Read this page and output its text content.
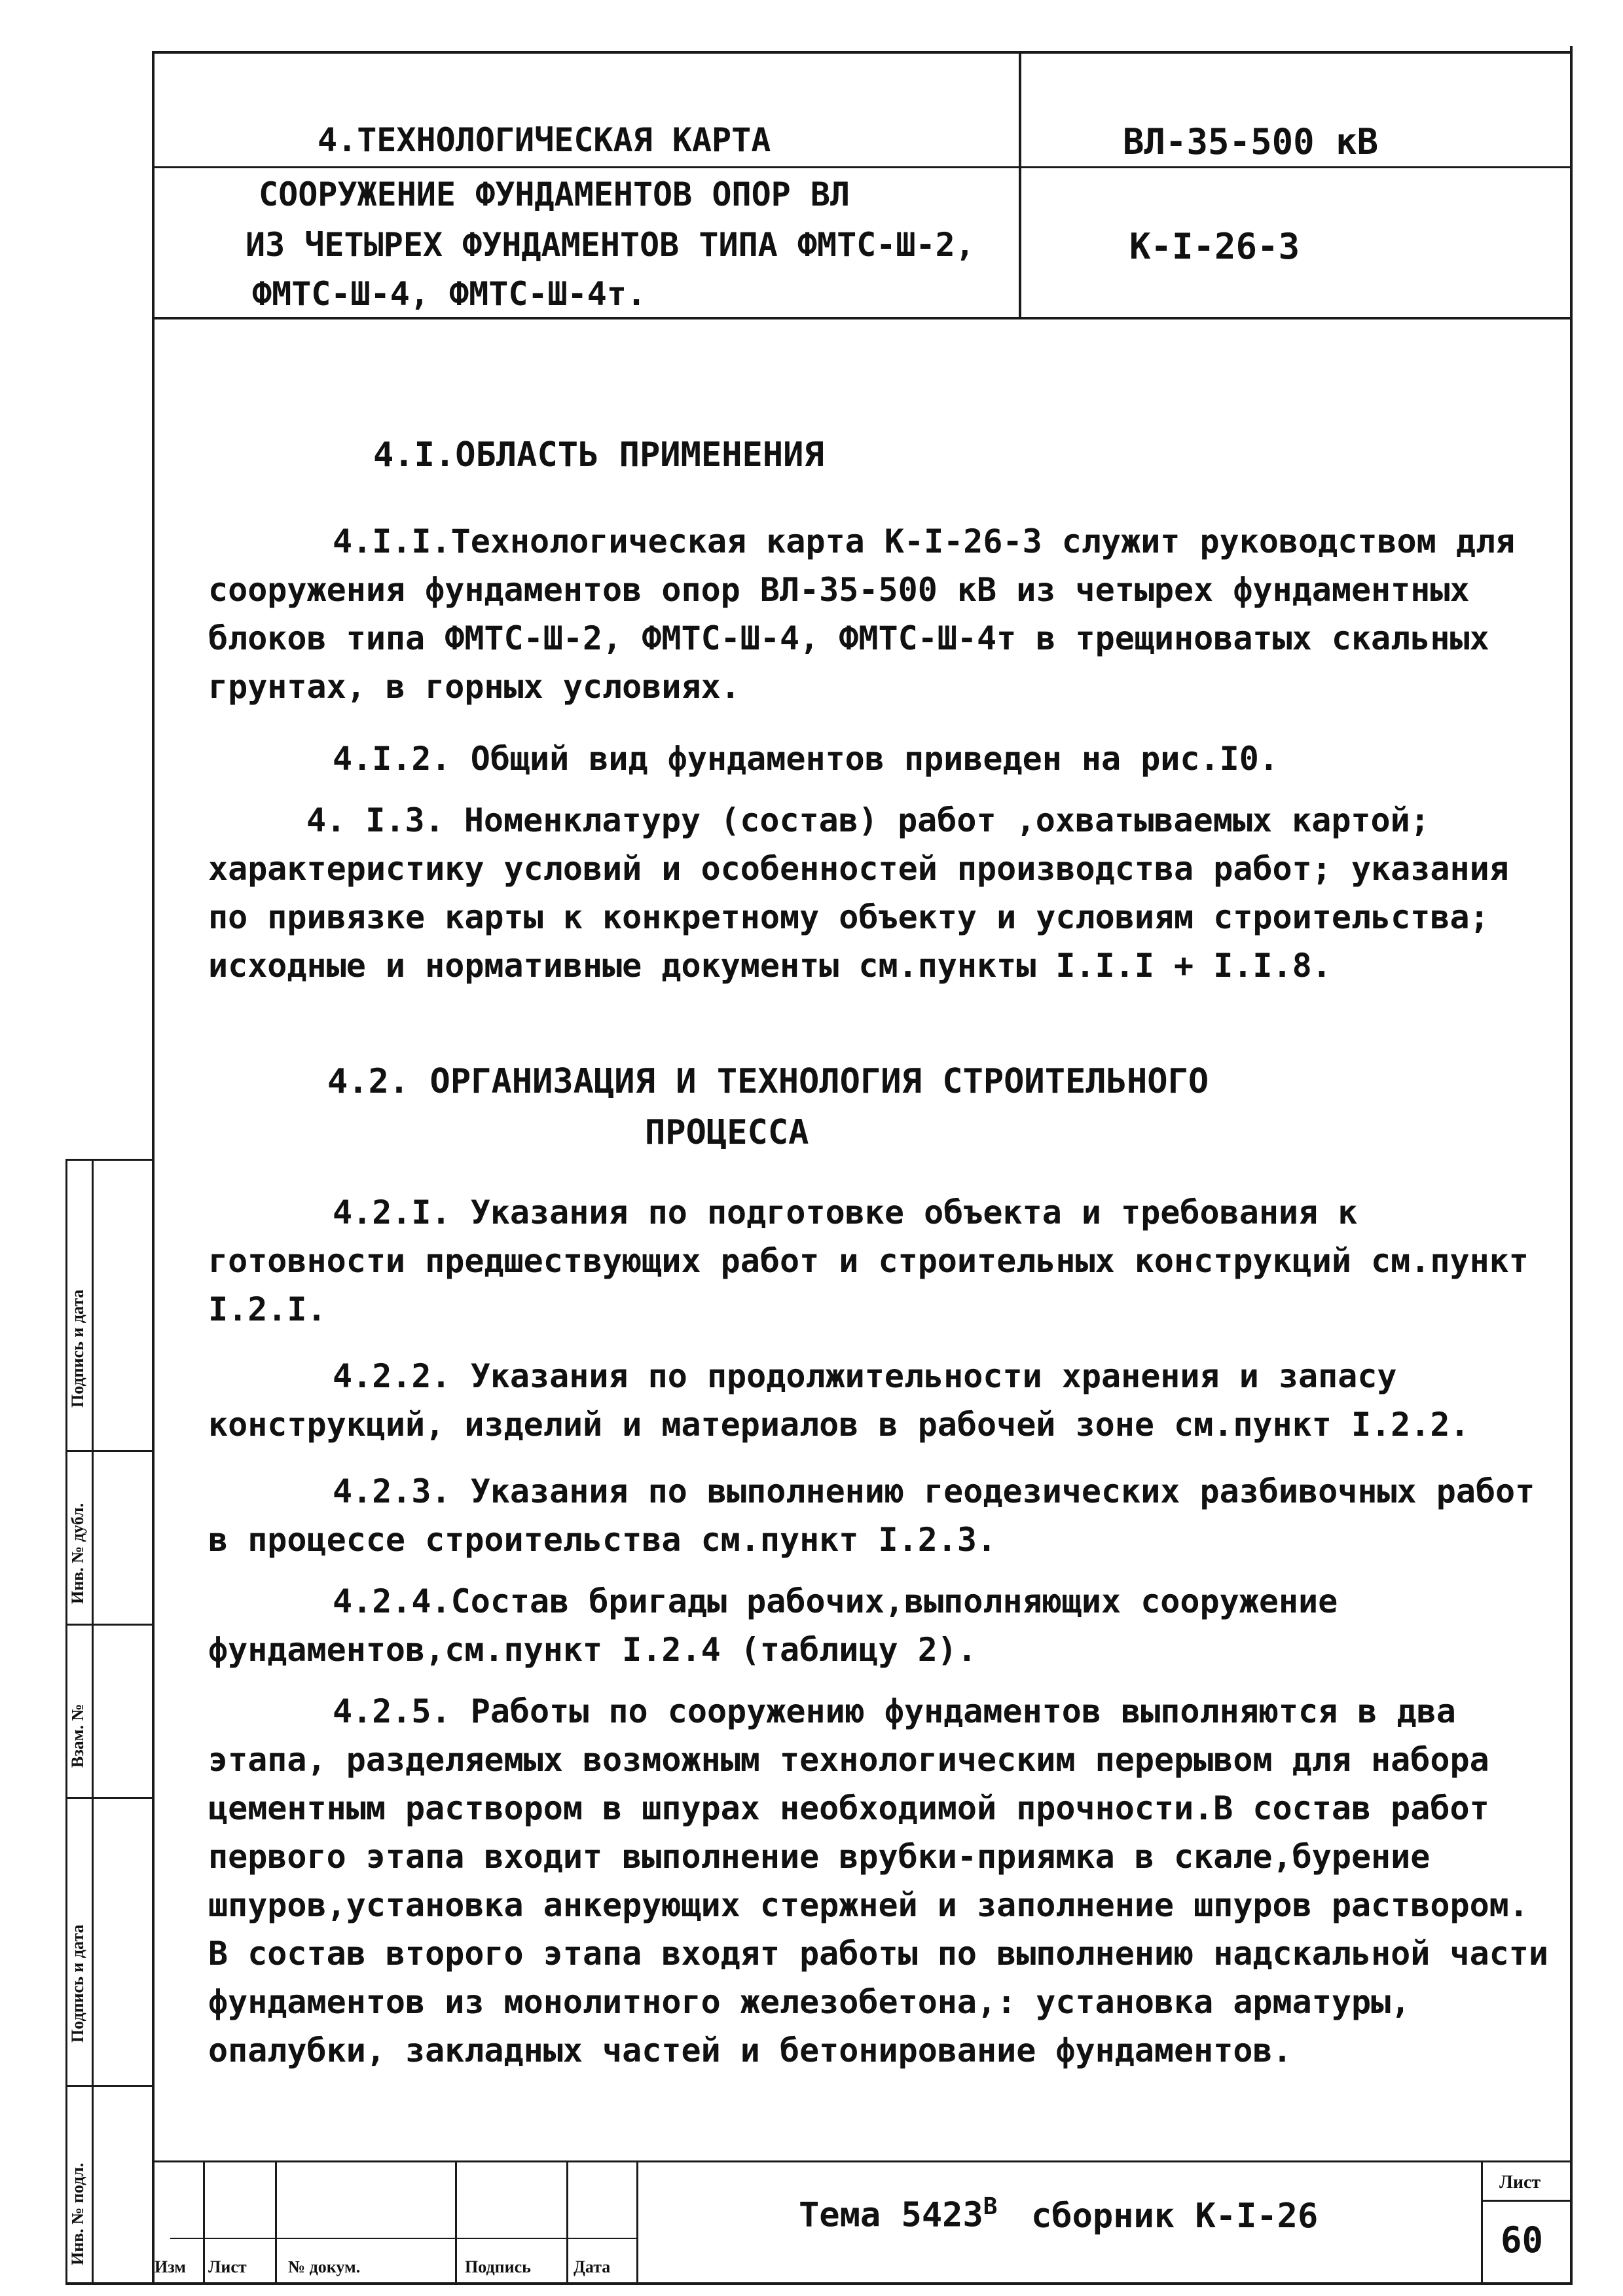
4.ТЕХНОЛОГИЧЕСКАЯ КАРТА	ВЛ-35-500 кВ
СООРУЖЕНИЕ ФУНДАМЕНТОВ ОПОР ВЛ
ИЗ ЧЕТЫРЕХ ФУНДАМЕНТОВ ТИПА ФМТС-Ш-2,
ФМТС-Ш-4, ФМТС-Ш-4т.
К-I-26-3
4.I.ОБЛАСТЬ ПРИМЕНЕНИЯ

4.I.I.Технологическая карта К-I-26-3 служит руководством для сооружения фундаментов опор ВЛ-35-500 кВ из четырех фундаментных блоков типа ФМТС-Ш-2, ФМТС-Ш-4, ФМТС-Ш-4т в трещиноватых скальных грунтах, в горных условиях.

4.I.2. Общий вид фундаментов приведен на рис.I0.

4. I.3. Номенклатуру (состав) работ ,охватываемых картой; характеристику условий и особенностей производства работ; указания по привязке карты к конкретному объекту и условиям строительства; исходные и нормативные документы см.пункты I.I.I + I.I.8.

4.2. ОРГАНИЗАЦИЯ И ТЕХНОЛОГИЯ СТРОИТЕЛЬНОГО
ПРОЦЕССА

4.2.I. Указания по подготовке объекта и требования к готовности предшествующих работ и строительных конструкций см.пункт I.2.I.

4.2.2. Указания по продолжительности хранения и запасу конструкций, изделий и материалов в рабочей зоне см.пункт I.2.2.

4.2.3. Указания по выполнению геодезических разбивочных работ в процессе строительства см.пункт I.2.3.

4.2.4.Состав бригады рабочих,выполняющих сооружение фундаментов,см.пункт I.2.4 (таблицу 2).

4.2.5. Работы по сооружению фундаментов выполняются в два этапа, разделяемых возможным технологическим перерывом для набора цементным раствором в шпурах необходимой прочности.В состав работ первого этапа входит выполнение врубки-приямка в скале,бурение шпуров,установка анкерующих стержней и заполнение шпуров раствором. В состав второго этапа входят работы по выполнению надскальной части фундаментов из монолитного железобетона,: установка арматуры, опалубки, закладных частей и бетонирование фундаментов.

Инв. № подл.
Подпись и дата
Взам. №
Инв. № дубл.
Подпись и дата
Изм Лист № докум.	Подпись	Дата
Тема $5423^В$ сборник К-I-26
Лист
60
